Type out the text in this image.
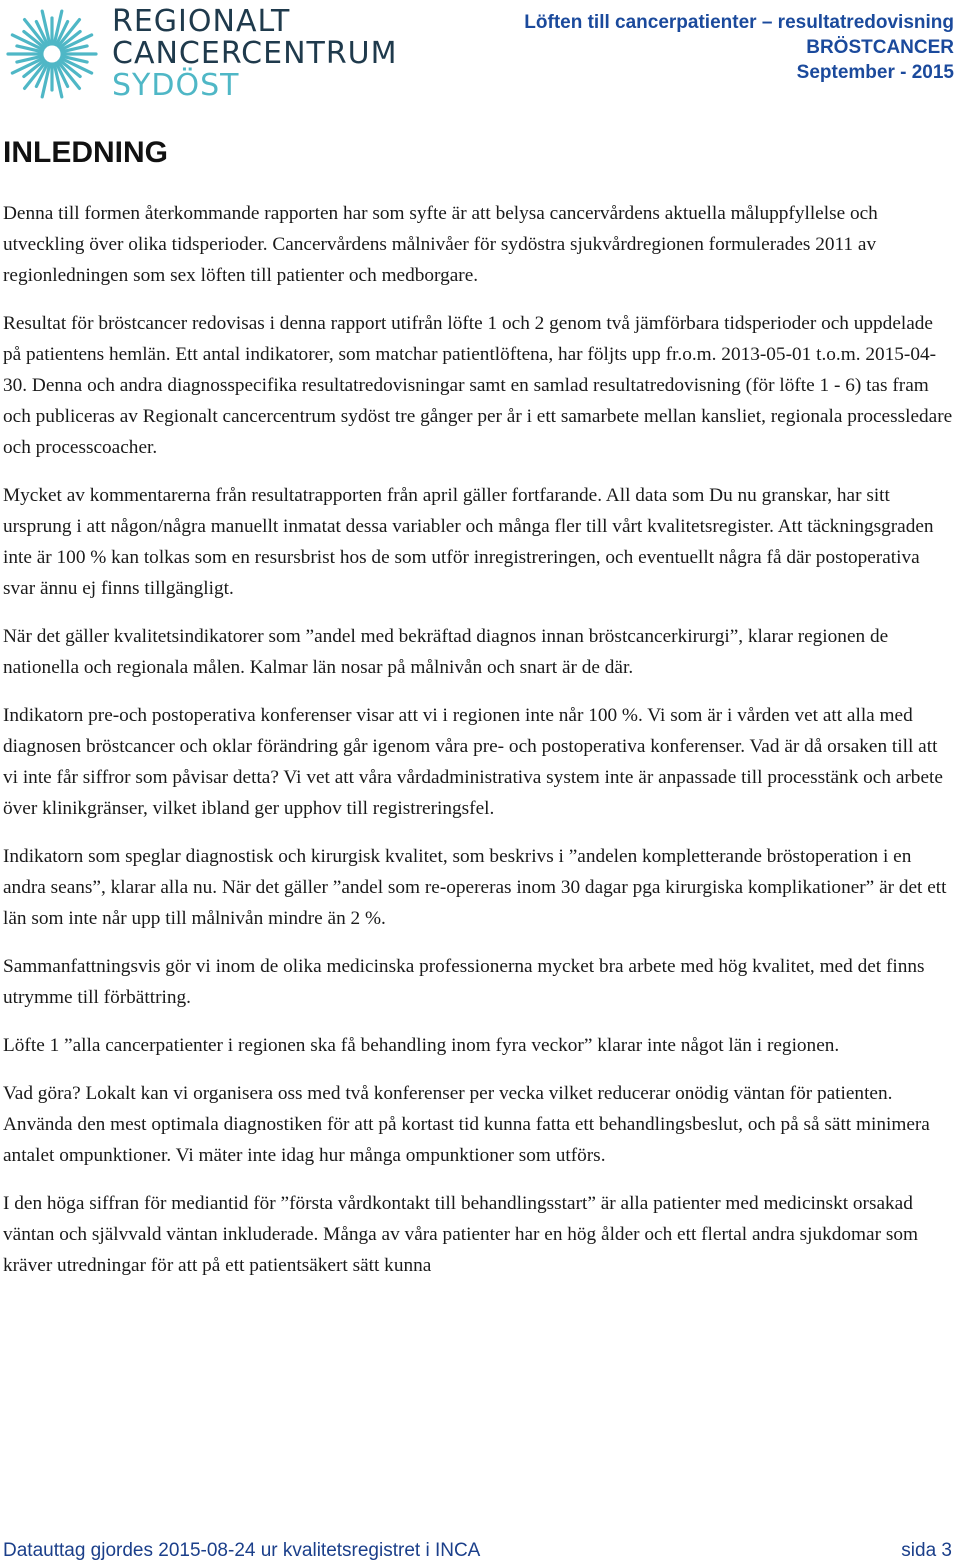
REGIONALT
CANCERCENTRUM
SYDÖST
Löften till cancerpatienter – resultatredovisning
BRÖSTCANCER
September - 2015
INLEDNING

Denna till formen återkommande rapporten har som syfte är att belysa cancervårdens aktuella måluppfyllelse och utveckling över olika tidsperioder. Cancervårdens målnivåer för sydöstra sjukvårdregionen formulerades 2011 av regionledningen som sex löften till patienter och medborgare.

Resultat för bröstcancer redovisas i denna rapport utifrån löfte 1 och 2 genom två jämförbara tidsperioder och uppdelade på patientens hemlän. Ett antal indikatorer, som matchar patientlöftena, har följts upp fr.o.m. 2013-05-01 t.o.m. 2015-04-30. Denna och andra diagnosspecifika resultatredovisningar samt en samlad resultatredovisning (för löfte 1 - 6) tas fram och publiceras av Regionalt cancercentrum sydöst tre gånger per år i ett samarbete mellan kansliet, regionala processledare och processcoacher.

Mycket av kommentarerna från resultatrapporten från april gäller fortfarande. All data som Du nu granskar, har sitt ursprung i att någon/några manuellt inmatat dessa variabler och många fler till vårt kvalitetsregister. Att täckningsgraden inte är 100 % kan tolkas som en resursbrist hos de som utför inregistreringen, och eventuellt några få där postoperativa svar ännu ej finns tillgängligt.

När det gäller kvalitetsindikatorer som ”andel med bekräftad diagnos innan bröstcancerkirurgi”, klarar regionen de nationella och regionala målen. Kalmar län nosar på målnivån och snart är de där.

Indikatorn pre-och postoperativa konferenser visar att vi i regionen inte når 100 %. Vi som är i vården vet att alla med diagnosen bröstcancer och oklar förändring går igenom våra pre- och postoperativa konferenser. Vad är då orsaken till att vi inte får siffror som påvisar detta? Vi vet att våra vårdadministrativa system inte är anpassade till processtänk och arbete över klinikgränser, vilket ibland ger upphov till registreringsfel.

Indikatorn som speglar diagnostisk och kirurgisk kvalitet, som beskrivs i ”andelen kompletterande bröstoperation i en andra seans”, klarar alla nu. När det gäller ”andel som re-opereras inom 30 dagar pga kirurgiska komplikationer” är det ett län som inte når upp till målnivån mindre än 2 %.

Sammanfattningsvis gör vi inom de olika medicinska professionerna mycket bra arbete med hög kvalitet, med det finns utrymme till förbättring.

Löfte 1 ”alla cancerpatienter i regionen ska få behandling inom fyra veckor” klarar inte något län i regionen.

Vad göra? Lokalt kan vi organisera oss med två konferenser per vecka vilket reducerar onödig väntan för patienten. Använda den mest optimala diagnostiken för att på kortast tid kunna fatta ett behandlingsbeslut, och på så sätt minimera antalet ompunktioner. Vi mäter inte idag hur många ompunktioner som utförs.

I den höga siffran för mediantid för ”första vårdkontakt till behandlingsstart” är alla patienter med medicinskt orsakad väntan och självvald väntan inkluderade. Många av våra patienter har en hög ålder och ett flertal andra sjukdomar som kräver utredningar för att på ett patientsäkert sätt kunna

Datauttag gjordes 2015-08-24 ur kvalitetsregistret i INCA	sida 3
